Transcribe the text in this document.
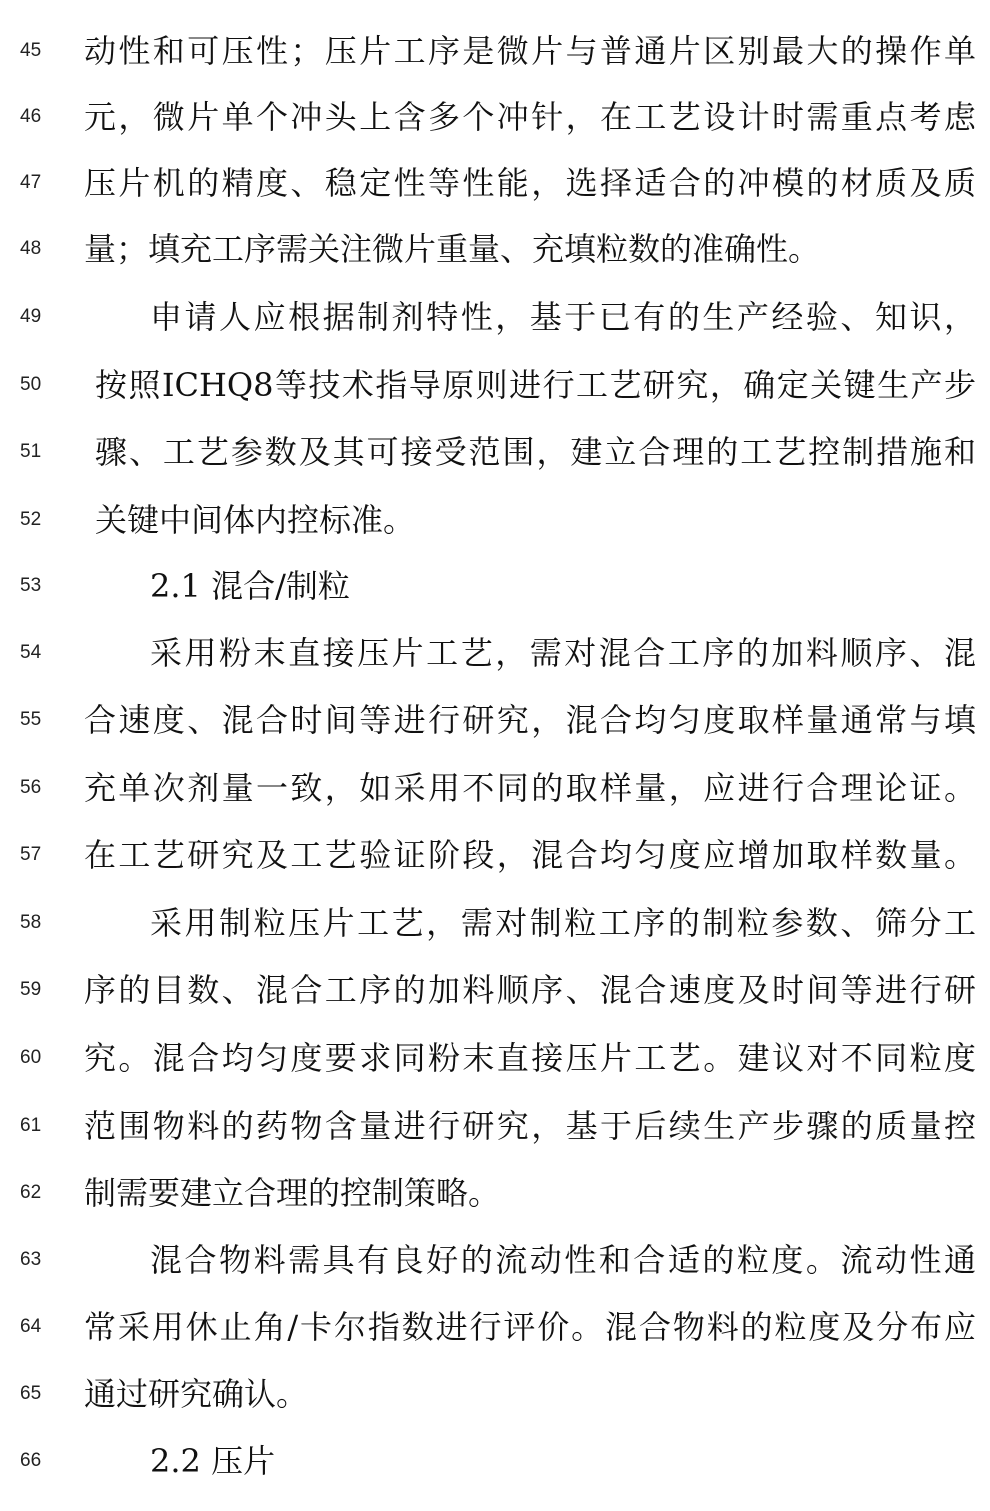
45 动性和可压性；压片工序是微片与普通片区别最大的操作单
46 元，微片单个冲头上含多个冲针，在工艺设计时需重点考虑
47 压片机的精度、稳定性等性能，选择适合的冲模的材质及质
48 量；填充工序需关注微片重量、充填粒数的准确性。
49	申请人应根据制剂特性，基于已有的生产经验、知识，
50 按照ICHQ8等技术指导原则进行工艺研究，确定关键生产步
51 骤、工艺参数及其可接受范围，建立合理的工艺控制措施和
52 关键中间体内控标准。
53	2.1 混合/制粒
54	采用粉末直接压片工艺，需对混合工序的加料顺序、混
55 合速度、混合时间等进行研究，混合均匀度取样量通常与填
56 充单次剂量一致，如采用不同的取样量，应进行合理论证。
57 在工艺研究及工艺验证阶段，混合均匀度应增加取样数量。
58	采用制粒压片工艺，需对制粒工序的制粒参数、筛分工
59 序的目数、混合工序的加料顺序、混合速度及时间等进行研
60 究。混合均匀度要求同粉末直接压片工艺。建议对不同粒度
61 范围物料的药物含量进行研究，基于后续生产步骤的质量控
62 制需要建立合理的控制策略。
63	混合物料需具有良好的流动性和合适的粒度。流动性通
64 常采用休止角/卡尔指数进行评价。混合物料的粒度及分布应
65 通过研究确认。
66	2.2 压片
